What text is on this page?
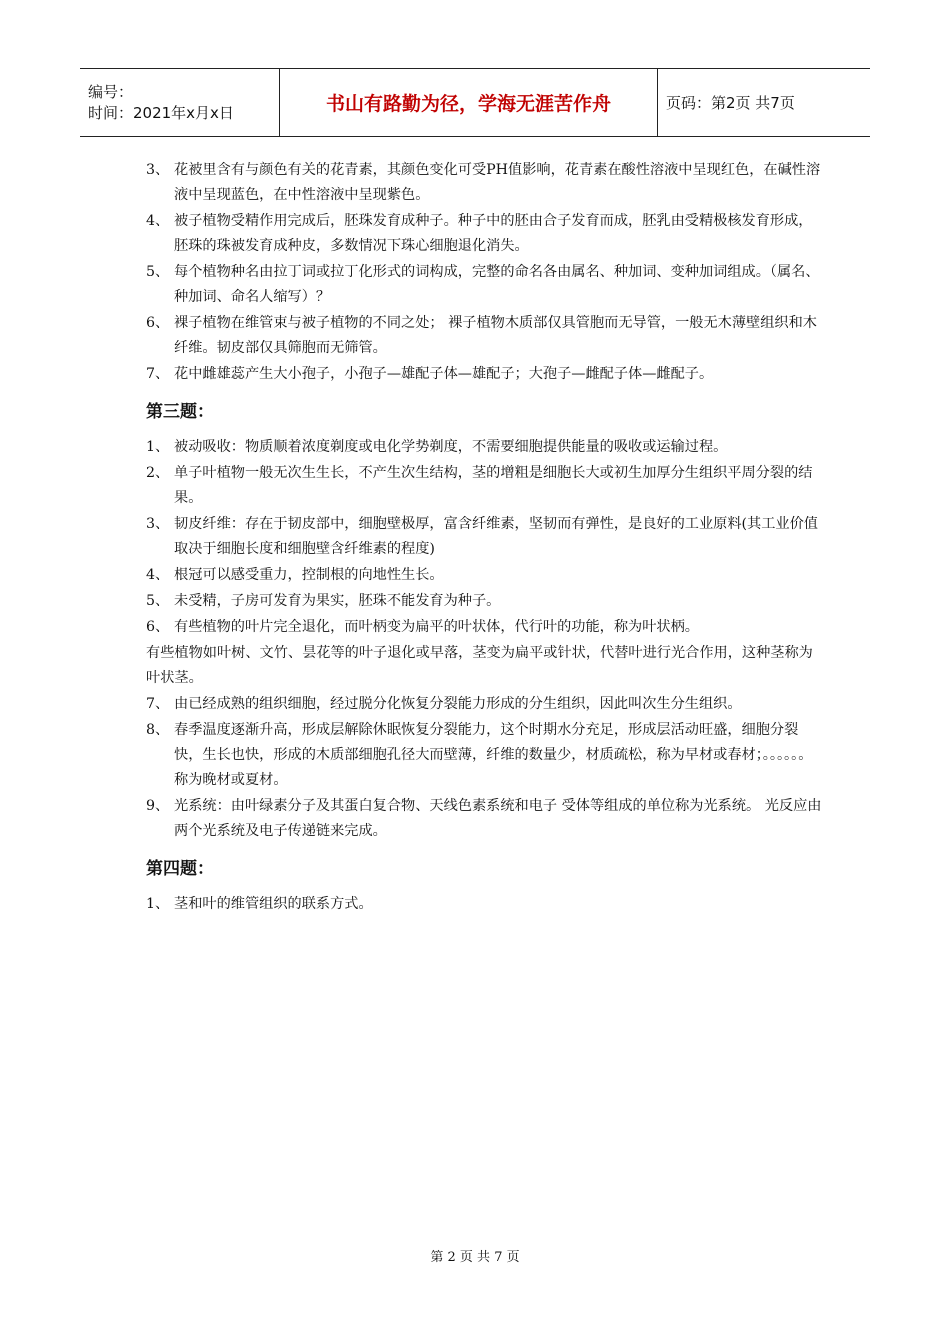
编号：
时间：2021年x月x日	书山有路勤为径，学海无涯苦作舟	页码：第2页 共7页
3、 花被里含有与颜色有关的花青素，其颜色变化可受PH值影响，花青素在酸性溶液中呈现红色，在碱性溶液中呈现蓝色，在中性溶液中呈现紫色。
4、 被子植物受精作用完成后，胚珠发育成种子。种子中的胚由合子发育而成，胚乳由受精极核发育形成，胚珠的珠被发育成种皮，多数情况下珠心细胞退化消失。
5、 每个植物种名由拉丁词或拉丁化形式的词构成，完整的命名各由属名、种加词、变种加词组成。（属名、种加词、命名人缩写）？
6、 裸子植物在维管束与被子植物的不同之处； 裸子植物木质部仅具管胞而无导管，一般无木薄壁组织和木纤维。韧皮部仅具筛胞而无筛管。
7、 花中雌雄蕊产生大小孢子，小孢子—雄配子体—雄配子；大孢子—雌配子体—雌配子。
第三题：
1、 被动吸收：物质顺着浓度剃度或电化学势剃度，不需要细胞提供能量的吸收或运输过程。
2、 单子叶植物一般无次生生长，不产生次生结构，茎的增粗是细胞长大或初生加厚分生组织平周分裂的结果。
3、 韧皮纤维：存在于韧皮部中，细胞壁极厚，富含纤维素，坚韧而有弹性，是良好的工业原料(其工业价值取决于细胞长度和细胞壁含纤维素的程度)
4、 根冠可以感受重力，控制根的向地性生长。
5、 未受精，子房可发育为果实，胚珠不能发育为种子。
6、 有些植物的叶片完全退化，而叶柄变为扁平的叶状体，代行叶的功能，称为叶状柄。
有些植物如叶树、文竹、昙花等的叶子退化或早落，茎变为扁平或针状，代替叶进行光合作用，这种茎称为叶状茎。
7、 由已经成熟的组织细胞，经过脱分化恢复分裂能力形成的分生组织，因此叫次生分生组织。
8、 春季温度逐渐升高，形成层解除休眠恢复分裂能力，这个时期水分充足，形成层活动旺盛，细胞分裂快，生长也快，形成的木质部细胞孔径大而壁薄，纤维的数量少，材质疏松，称为早材或春材；。。。。。。称为晚材或夏材。
9、 光系统：由叶绿素分子及其蛋白复合物、天线色素系统和电子 受体等组成的单位称为光系统。 光反应由两个光系统及电子传递链来完成。
第四题：
1、 茎和叶的维管组织的联系方式。
第 2 页 共 7 页
